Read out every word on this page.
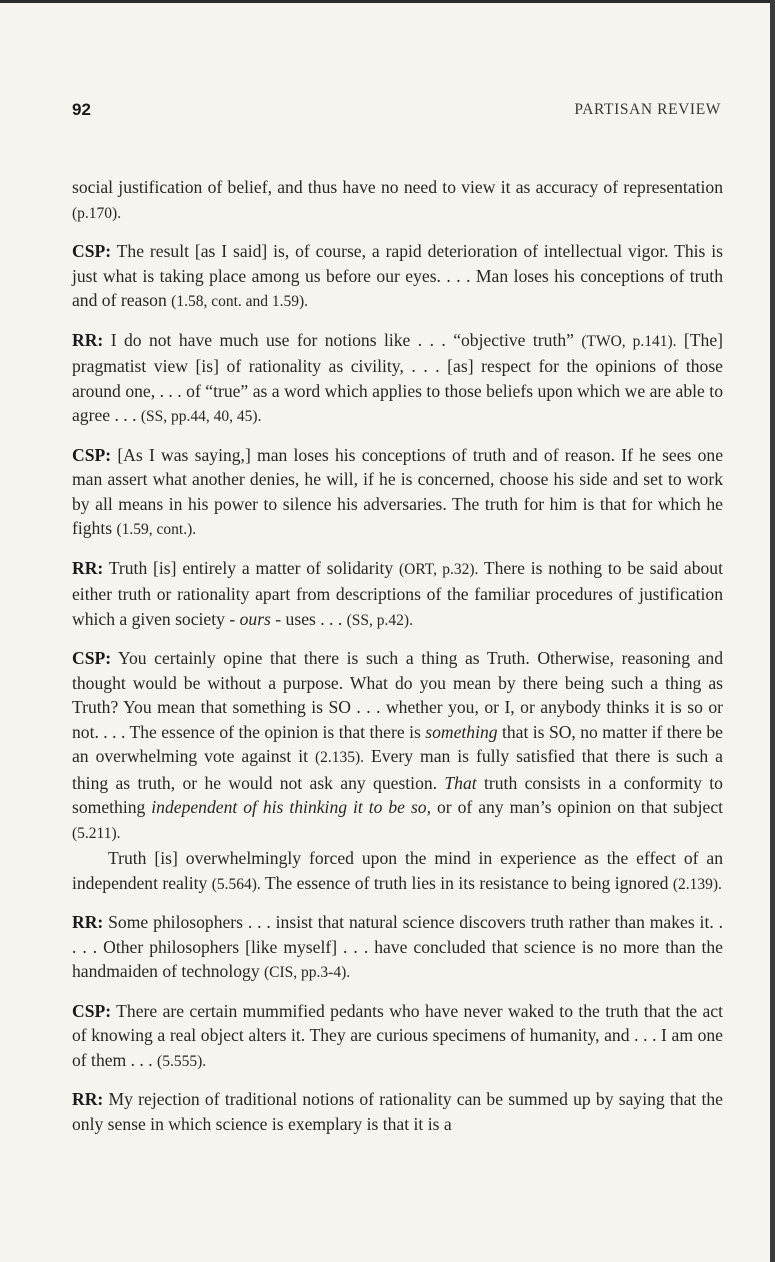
92	PARTISAN REVIEW

social justification of belief, and thus have no need to view it as accuracy of representation (p.170).

CSP: The result [as I said] is, of course, a rapid deterioration of intellectual vigor. This is just what is taking place among us before our eyes. . . . Man loses his conceptions of truth and of reason (1.58, cont. and 1.59).

RR: I do not have much use for notions like . . . “objective truth” (TWO, p.141). [The] pragmatist view [is] of rationality as civility, . . . [as] respect for the opinions of those around one, . . . of “true” as a word which applies to those beliefs upon which we are able to agree . . . (SS, pp.44, 40, 45).

CSP: [As I was saying,] man loses his conceptions of truth and of reason. If he sees one man assert what another denies, he will, if he is concerned, choose his side and set to work by all means in his power to silence his adversaries. The truth for him is that for which he fights (1.59, cont.).

RR: Truth [is] entirely a matter of solidarity (ORT, p.32). There is nothing to be said about either truth or rationality apart from descriptions of the familiar procedures of justification which a given society - ours - uses . . . (SS, p.42).

CSP: You certainly opine that there is such a thing as Truth. Otherwise, reasoning and thought would be without a purpose. What do you mean by there being such a thing as Truth? You mean that something is SO . . . whether you, or I, or anybody thinks it is so or not. . . . The essence of the opinion is that there is something that is SO, no matter if there be an overwhelming vote against it (2.135). Every man is fully satisfied that there is such a thing as truth, or he would not ask any question. That truth consists in a conformity to something independent of his thinking it to be so, or of any man’s opinion on that subject (5.211).

Truth [is] overwhelmingly forced upon the mind in experience as the effect of an independent reality (5.564). The essence of truth lies in its resistance to being ignored (2.139).

RR: Some philosophers . . . insist that natural science discovers truth rather than makes it. . . . . Other philosophers [like myself] . . . have concluded that science is no more than the handmaiden of technology (CIS, pp.3-4).

CSP: There are certain mummified pedants who have never waked to the truth that the act of knowing a real object alters it. They are curious specimens of humanity, and . . . I am one of them . . . (5.555).

RR: My rejection of traditional notions of rationality can be summed up by saying that the only sense in which science is exemplary is that it is a
